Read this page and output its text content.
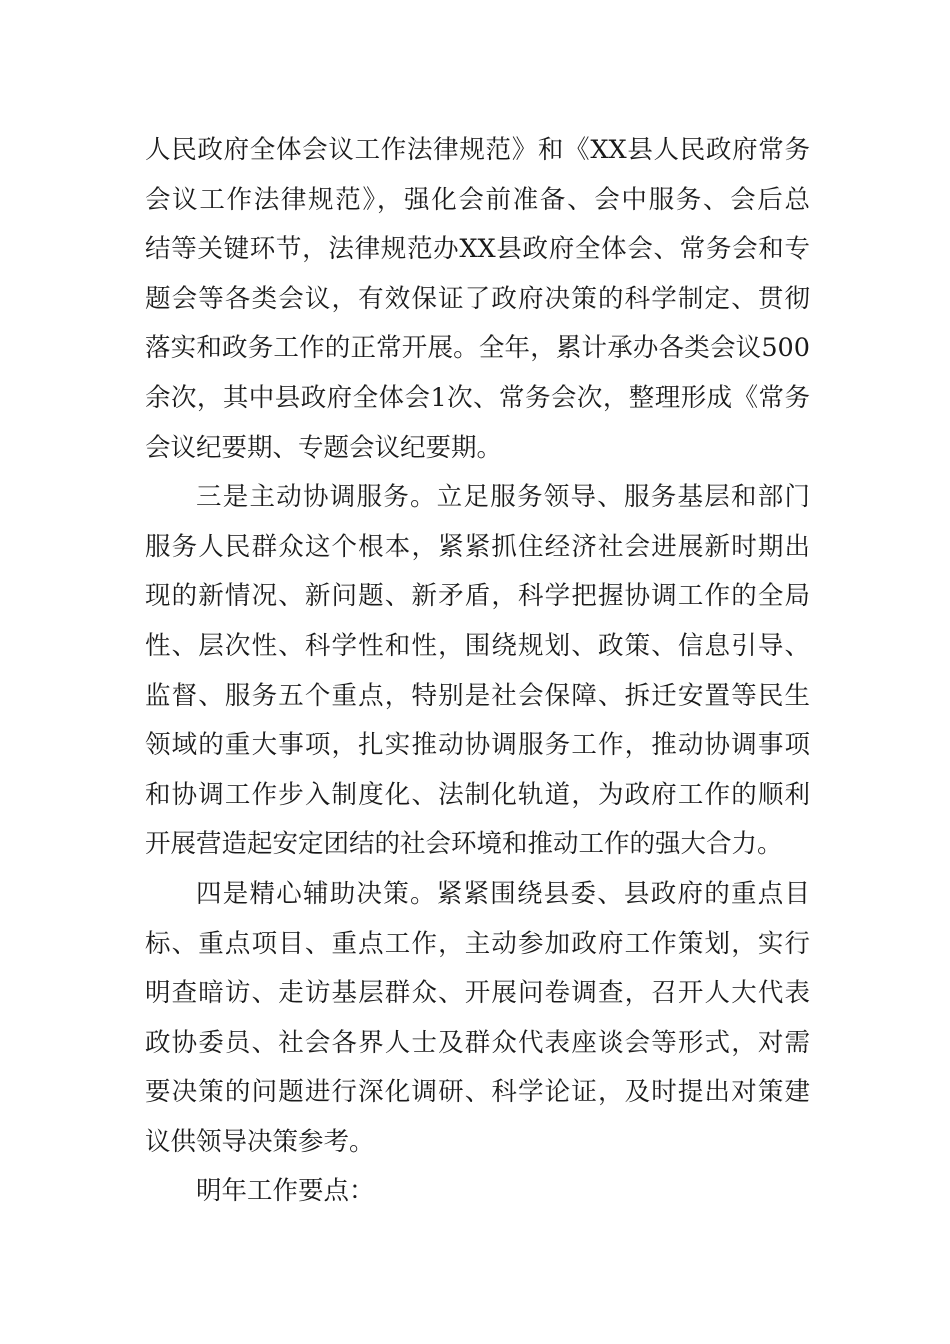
人民政府全体会议工作法律规范》和《XX县人民政府常务
会议工作法律规范》，强化会前准备、会中服务、会后总
结等关键环节，法律规范办XX县政府全体会、常务会和专
题会等各类会议，有效保证了政府决策的科学制定、贯彻
落实和政务工作的正常开展。全年，累计承办各类会议500
余次，其中县政府全体会1次、常务会次，整理形成《常务
会议纪要期、专题会议纪要期。
三是主动协调服务。立足服务领导、服务基层和部门
服务人民群众这个根本，紧紧抓住经济社会进展新时期出
现的新情况、新问题、新矛盾，科学把握协调工作的全局
性、层次性、科学性和性，围绕规划、政策、信息引导、
监督、服务五个重点，特别是社会保障、拆迁安置等民生
领域的重大事项，扎实推动协调服务工作，推动协调事项
和协调工作步入制度化、法制化轨道，为政府工作的顺利
开展营造起安定团结的社会环境和推动工作的强大合力。
四是精心辅助决策。紧紧围绕县委、县政府的重点目
标、重点项目、重点工作，主动参加政府工作策划，实行
明查暗访、走访基层群众、开展问卷调查，召开人大代表
政协委员、社会各界人士及群众代表座谈会等形式，对需
要决策的问题进行深化调研、科学论证，及时提出对策建
议供领导决策参考。
明年工作要点：
